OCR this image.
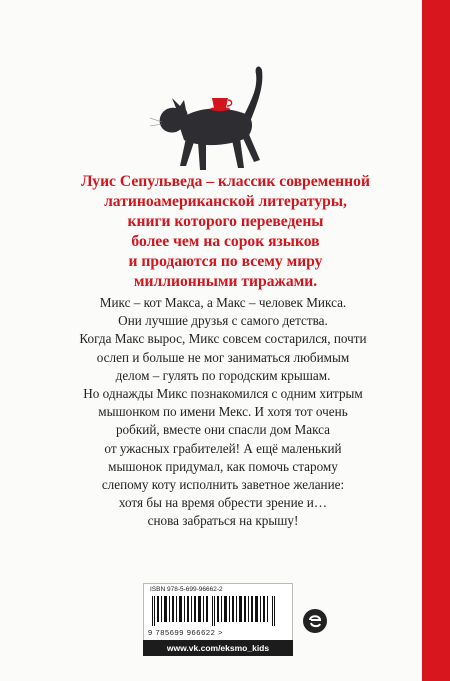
Луис Сепульведа – классик современной
латиноамериканской литературы,
книги которого переведены
более чем на сорок языков
и продаются по всему миру
миллионными тиражами.
Микс – кот Макса, а Макс – человек Микса.
Они лучшие друзья с самого детства.
Когда Макс вырос, Микс совсем состарился, почти
ослеп и больше не мог заниматься любимым
делом – гулять по городским крышам.
Но однажды Микс познакомился с одним хитрым
мышонком по имени Мекс. И хотя тот очень
робкий, вместе они спасли дом Макса
от ужасных грабителей! А ещё маленький
мышонок придумал, как помочь старому
слепому коту исполнить заветное желание:
хотя бы на время обрести зрение и…
снова забраться на крышу!
ISBN 978-5-699-96662-2
9 785699 966622 >
www.vk.com/eksmo_kids
